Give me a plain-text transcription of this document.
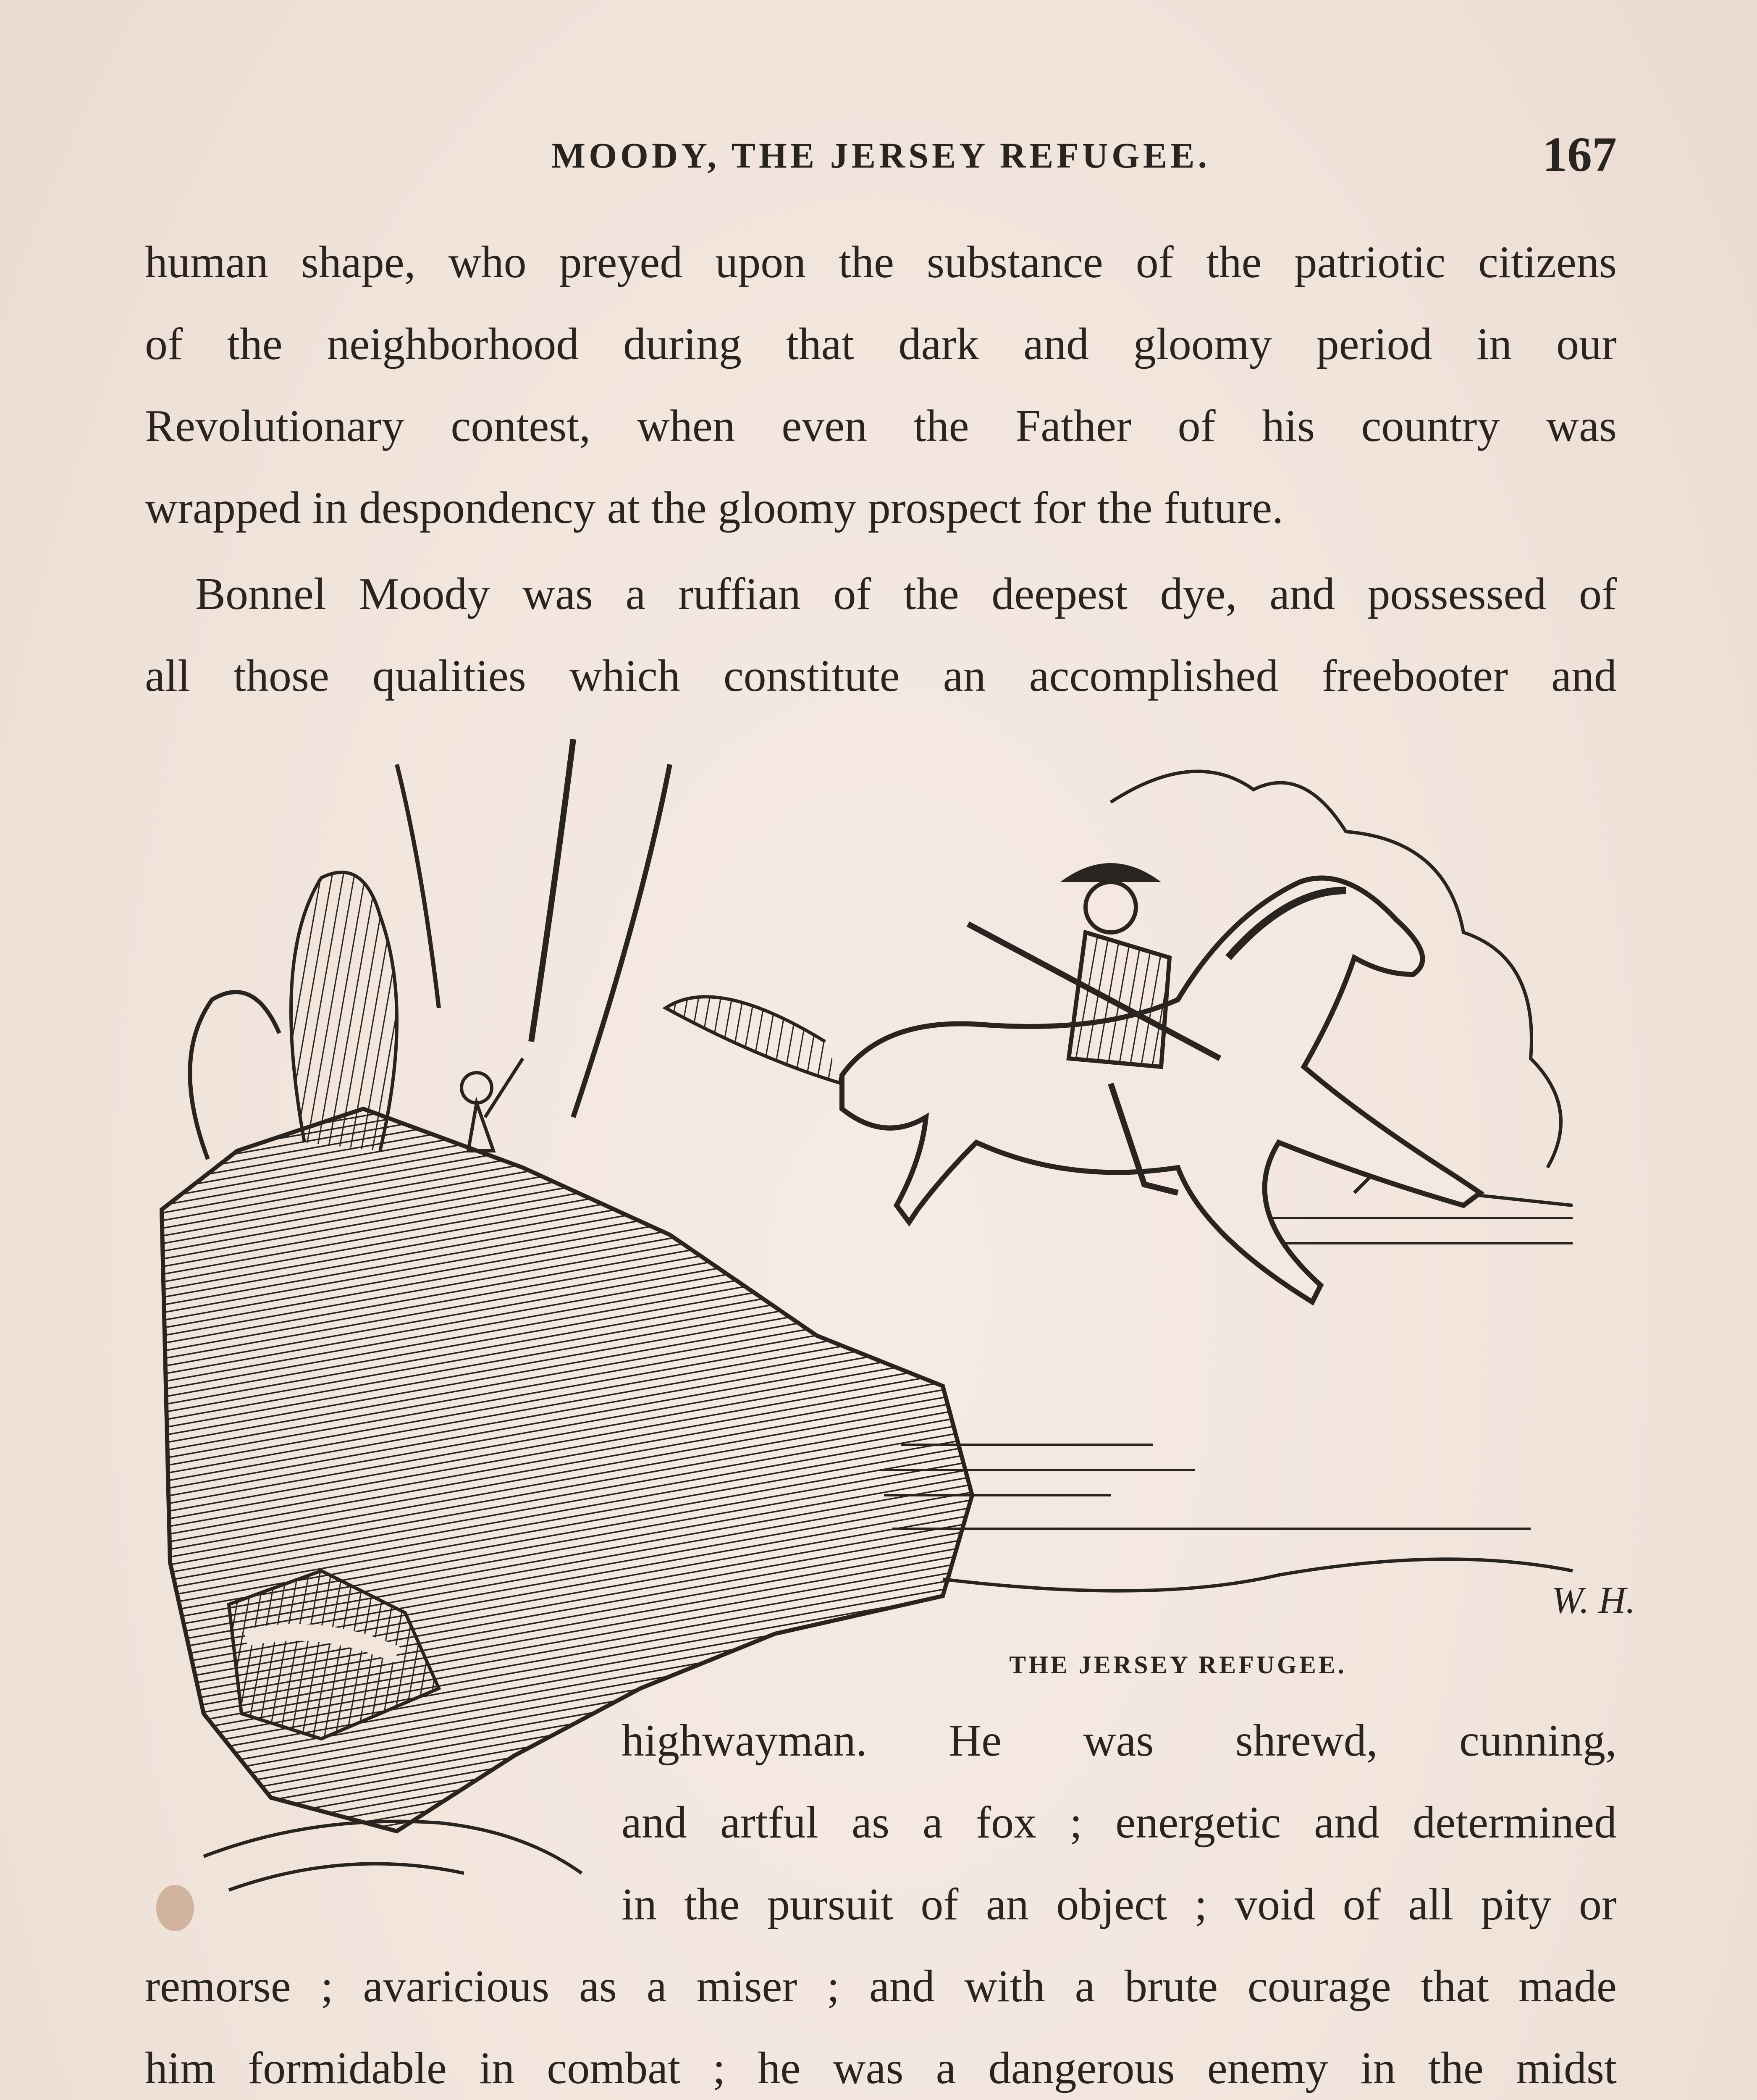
MOODY, THE JERSEY REFUGEE.	167
human shape, who preyed upon the substance of the patriotic citizens
of the neighborhood during that dark and gloomy period in our
Revolutionary contest, when even the Father of his country was
wrapped in despondency at the gloomy prospect for the future.
Bonnel Moody was a ruffian of the deepest dye, and possessed of
all those qualities which constitute an accomplished freebooter and
W. H.
THE JERSEY REFUGEE.
highwayman. He was shrewd, cunning,
and artful as a fox ; energetic and determined
in the pursuit of an object ; void of all pity or
remorse ; avaricious as a miser ; and with a brute courage that made
him formidable in combat ; he was a dangerous enemy in the midst
